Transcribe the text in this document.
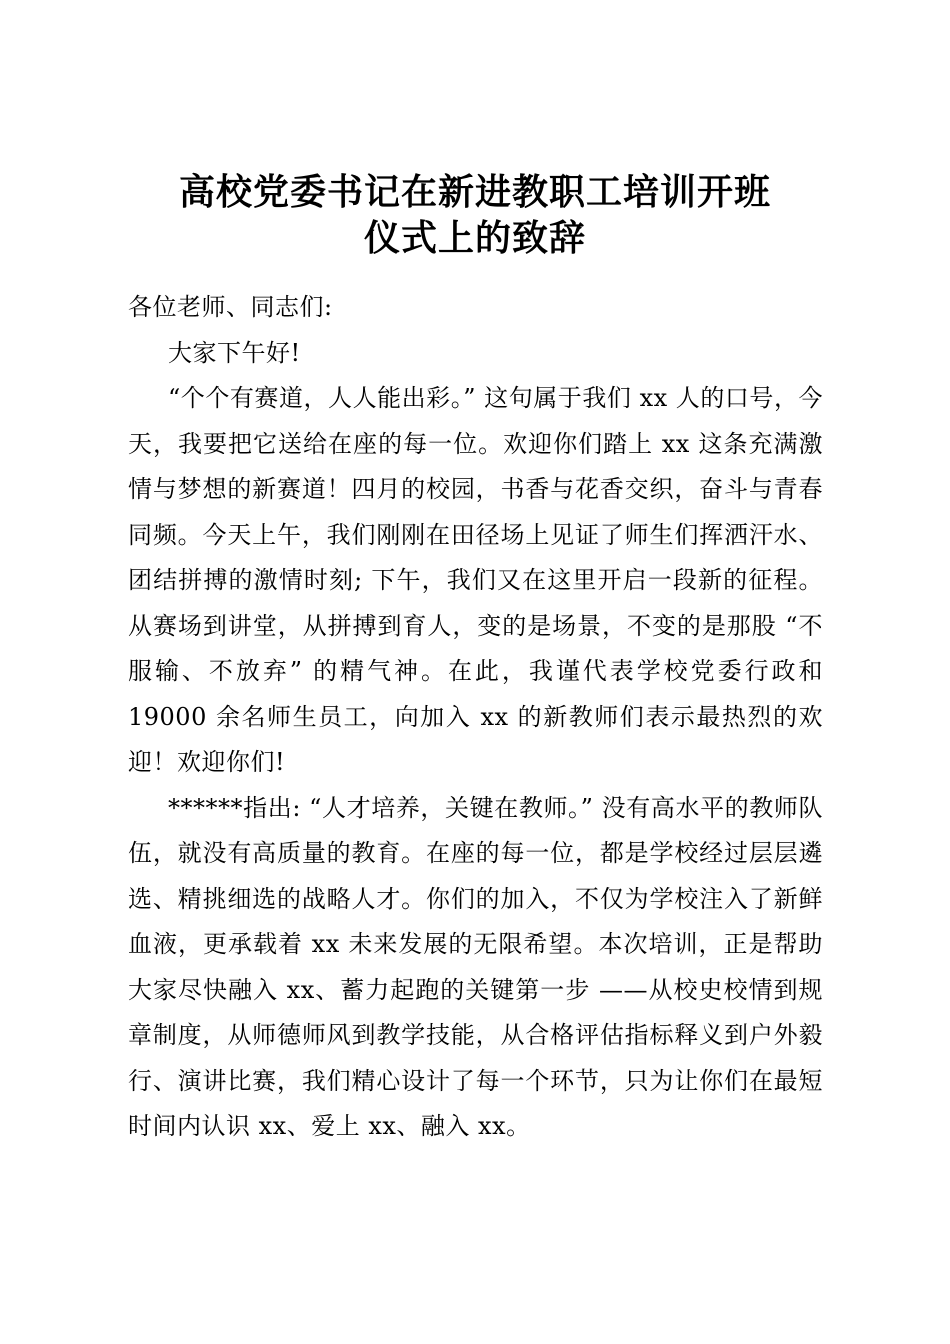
高校党委书记在新进教职工培训开班
仪式上的致辞

各位老师、同志们:

大家下午好!

“个个有赛道，人人能出彩。” 这句属于我们 xx 人的口号，今天，我要把它送给在座的每一位。欢迎你们踏上 xx 这条充满激情与梦想的新赛道！四月的校园，书香与花香交织，奋斗与青春同频。今天上午，我们刚刚在田径场上见证了师生们挥洒汗水、团结拼搏的激情时刻; 下午，我们又在这里开启一段新的征程。从赛场到讲堂，从拼搏到育人，变的是场景，不变的是那股 “不服输、不放弃” 的精气神。在此，我谨代表学校党委行政和 19000 余名师生员工，向加入 xx 的新教师们表示最热烈的欢迎！欢迎你们!

******指出: “人才培养，关键在教师。” 没有高水平的教师队伍，就没有高质量的教育。在座的每一位，都是学校经过层层遴选、精挑细选的战略人才。你们的加入，不仅为学校注入了新鲜血液，更承载着 xx 未来发展的无限希望。本次培训，正是帮助大家尽快融入 xx、蓄力起跑的关键第一步 ——从校史校情到规章制度，从师德师风到教学技能，从合格评估指标释义到户外毅行、演讲比赛，我们精心设计了每一个环节，只为让你们在最短时间内认识 xx、爱上 xx、融入 xx。
